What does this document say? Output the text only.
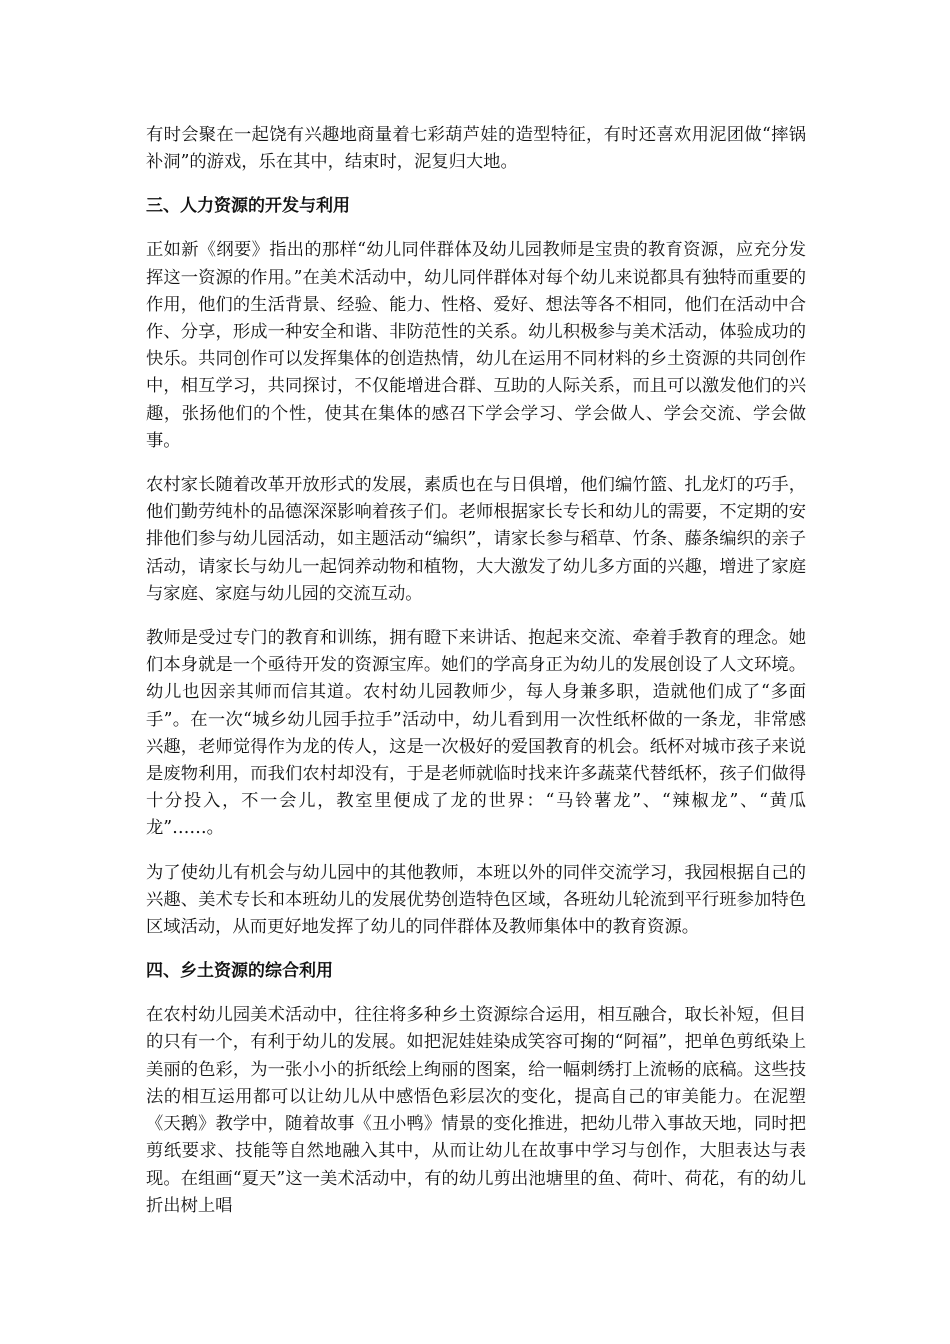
有时会聚在一起饶有兴趣地商量着七彩葫芦娃的造型特征，有时还喜欢用泥团做“摔锅补洞”的游戏，乐在其中，结束时，泥复归大地。

三、人力资源的开发与利用

正如新《纲要》指出的那样“幼儿同伴群体及幼儿园教师是宝贵的教育资源，应充分发挥这一资源的作用。”在美术活动中，幼儿同伴群体对每个幼儿来说都具有独特而重要的作用，他们的生活背景、经验、能力、性格、爱好、想法等各不相同，他们在活动中合作、分享，形成一种安全和谐、非防范性的关系。幼儿积极参与美术活动，体验成功的快乐。共同创作可以发挥集体的创造热情，幼儿在运用不同材料的乡土资源的共同创作中，相互学习，共同探讨，不仅能增进合群、互助的人际关系，而且可以激发他们的兴趣，张扬他们的个性，使其在集体的感召下学会学习、学会做人、学会交流、学会做事。

农村家长随着改革开放形式的发展，素质也在与日俱增，他们编竹篮、扎龙灯的巧手，他们勤劳纯朴的品德深深影响着孩子们。老师根据家长专长和幼儿的需要，不定期的安排他们参与幼儿园活动，如主题活动“编织”，请家长参与稻草、竹条、藤条编织的亲子活动，请家长与幼儿一起饲养动物和植物，大大激发了幼儿多方面的兴趣，增进了家庭与家庭、家庭与幼儿园的交流互动。

教师是受过专门的教育和训练，拥有瞪下来讲话、抱起来交流、牵着手教育的理念。她们本身就是一个亟待开发的资源宝库。她们的学高身正为幼儿的发展创设了人文环境。幼儿也因亲其师而信其道。农村幼儿园教师少，每人身兼多职，造就他们成了“多面手”。在一次“城乡幼儿园手拉手”活动中，幼儿看到用一次性纸杯做的一条龙，非常感兴趣，老师觉得作为龙的传人，这是一次极好的爱国教育的机会。纸杯对城市孩子来说是废物利用，而我们农村却没有，于是老师就临时找来许多蔬菜代替纸杯，孩子们做得十分投入，不一会儿，教室里便成了龙的世界：“马铃薯龙”、“辣椒龙”、“黄瓜龙”……。

为了使幼儿有机会与幼儿园中的其他教师，本班以外的同伴交流学习，我园根据自己的兴趣、美术专长和本班幼儿的发展优势创造特色区域，各班幼儿轮流到平行班参加特色区域活动，从而更好地发挥了幼儿的同伴群体及教师集体中的教育资源。

四、乡土资源的综合利用

在农村幼儿园美术活动中，往往将多种乡土资源综合运用，相互融合，取长补短，但目的只有一个，有利于幼儿的发展。如把泥娃娃染成笑容可掬的“阿福”，把单色剪纸染上美丽的色彩，为一张小小的折纸绘上绚丽的图案，给一幅刺绣打上流畅的底稿。这些技法的相互运用都可以让幼儿从中感悟色彩层次的变化，提高自己的审美能力。在泥塑《天鹅》教学中，随着故事《丑小鸭》情景的变化推进，把幼儿带入事故天地，同时把剪纸要求、技能等自然地融入其中，从而让幼儿在故事中学习与创作，大胆表达与表现。在组画“夏天”这一美术活动中，有的幼儿剪出池塘里的鱼、荷叶、荷花，有的幼儿折出树上唱
